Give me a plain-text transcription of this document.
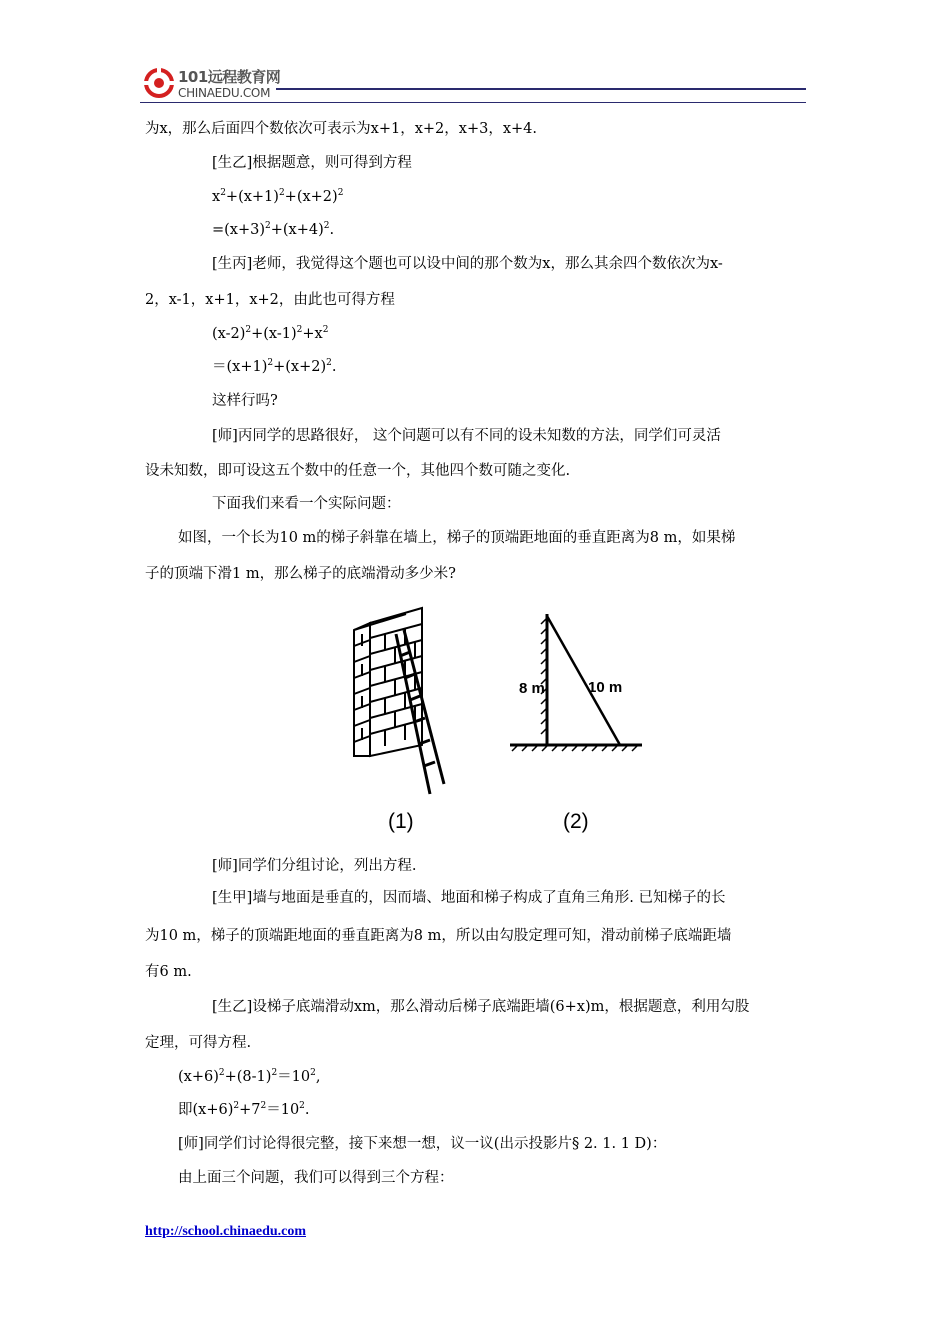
101远程教育网
CHINAEDU.COM
为x，那么后面四个数依次可表示为x+1，x+2，x+3，x+4.
[生乙]根据题意，则可得到方程
$x^2+(x+1)^2+(x+2)^2$
$=(x+3)^2+(x+4)^2$.
[生丙]老师，我觉得这个题也可以设中间的那个数为x，那么其余四个数依次为x-
2，x-1，x+1，x+2，由此也可得方程
$(x-2)^2+(x-1)^2+x^2$
$=(x+1)^2+(x+2)^2$.
这样行吗?
[师]丙同学的思路很好， 这个问题可以有不同的设未知数的方法，同学们可灵活
设未知数，即可设这五个数中的任意一个，其他四个数可随之变化.
下面我们来看一个实际问题：
如图，一个长为10 m的梯子斜靠在墙上，梯子的顶端距地面的垂直距离为8 m，如果梯
子的顶端下滑1 m，那么梯子的底端滑动多少米?
8 m	10 m
(1)	(2)
[师]同学们分组讨论，列出方程.
[生甲]墙与地面是垂直的，因而墙、地面和梯子构成了直角三角形. 已知梯子的长
为10 m，梯子的顶端距地面的垂直距离为8 m，所以由勾股定理可知，滑动前梯子底端距墙
有6 m.
[生乙]设梯子底端滑动xm，那么滑动后梯子底端距墙(6+x)m，根据题意，利用勾股
定理，可得方程.
$(x+6)^2+(8-1)^2=10^2$,
即$(x+6)^2+7^2=10^2$.
[师]同学们讨论得很完整，接下来想一想，议一议(出示投影片§ 2. 1. 1 D)：
由上面三个问题，我们可以得到三个方程：
http://school.chinaedu.com
